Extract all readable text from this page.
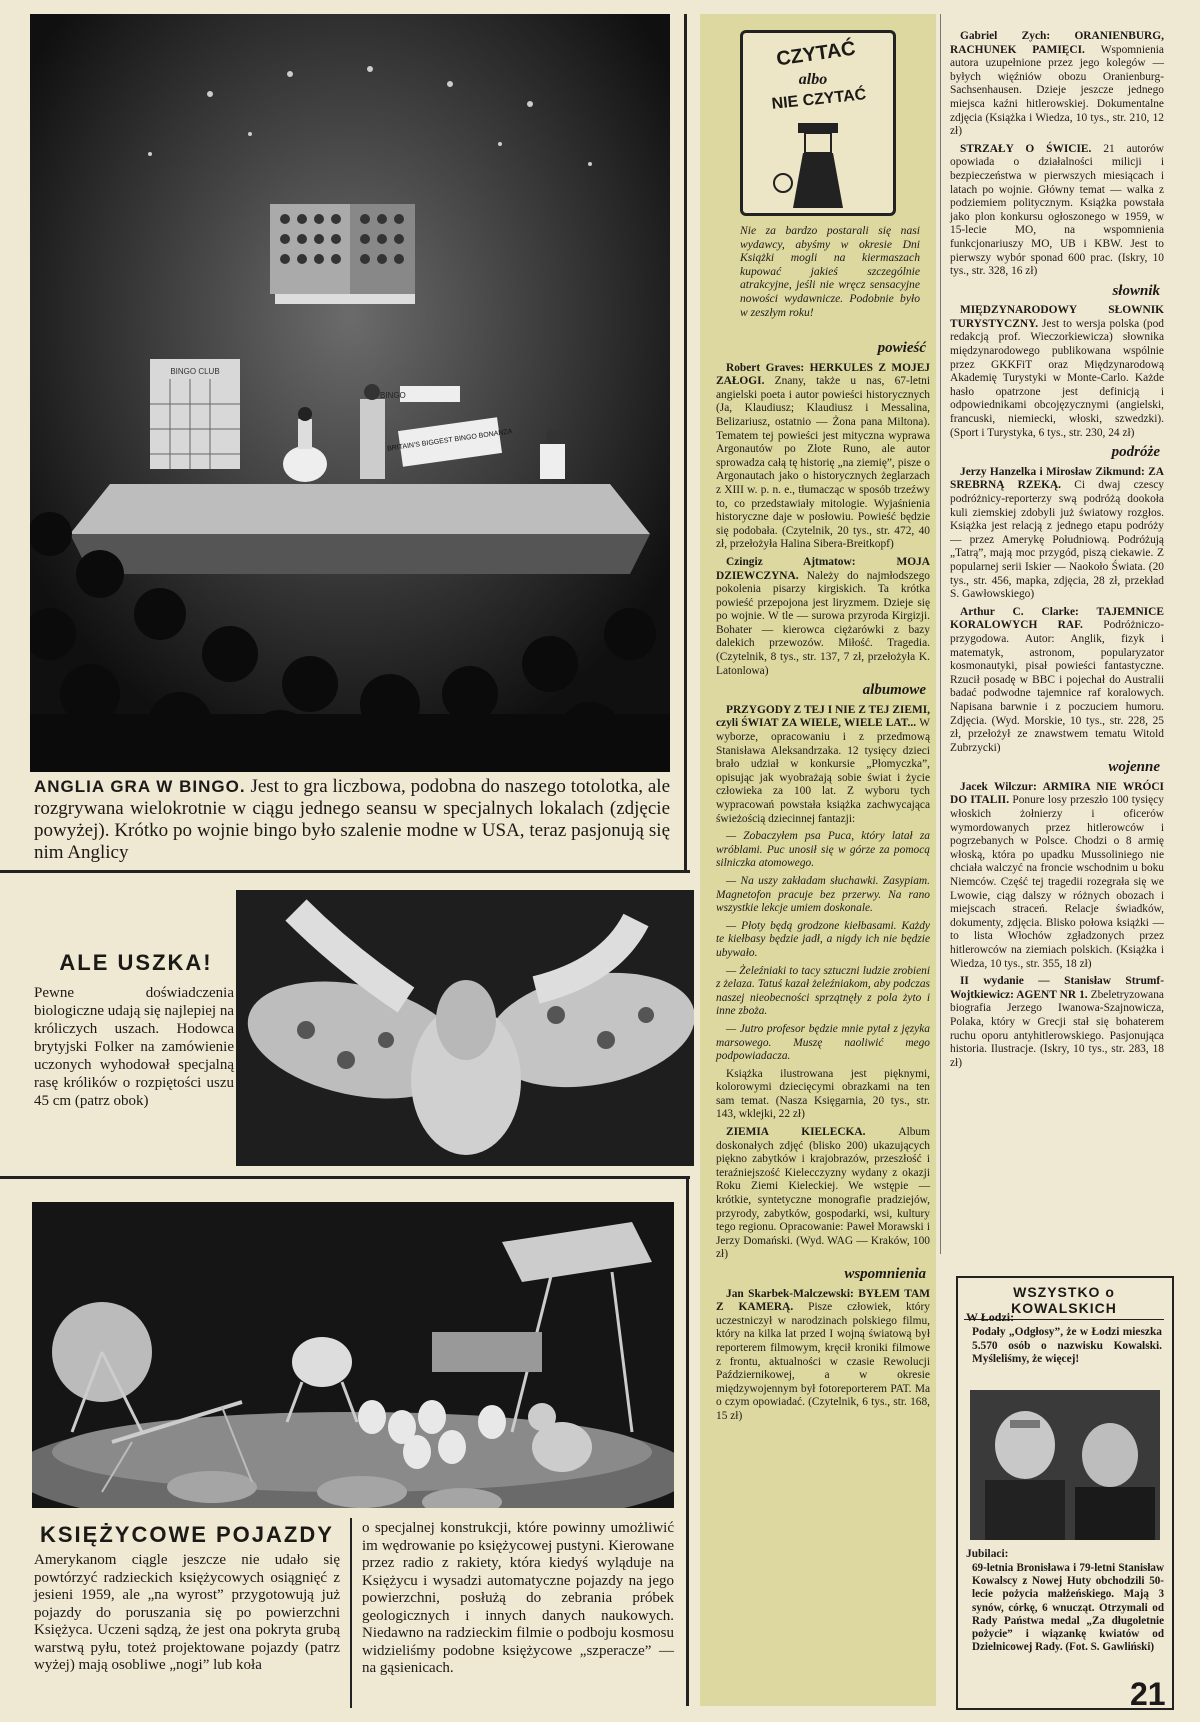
BINGO CLUB
BINGO
BRITAIN'S BIGGEST BINGO BONANZA
ANGLIA GRA W BINGO. Jest to gra liczbowa, podobna do naszego totolotka, ale rozgrywana wielokrotnie w ciągu jednego seansu w specjalnych lokalach (zdjęcie powyżej). Krótko po wojnie bingo było szalenie modne w USA, teraz pasjonują się nim Anglicy
ALE USZKA!
Pewne doświadczenia biologiczne udają się najlepiej na króliczych uszach. Hodowca brytyjski Folker na zamówienie uczonych wyhodował specjalną rasę królików o rozpiętości uszu 45 cm (patrz obok)
KSIĘŻYCOWE POJAZDY
Amerykanom ciągle jeszcze nie udało się powtórzyć radzieckich księżycowych osiągnięć z jesieni 1959, ale „na wyrost” przygotowują już pojazdy do poruszania się po powierzchni Księżyca. Uczeni sądzą, że jest ona pokryta grubą warstwą pyłu, toteż projektowane pojazdy (patrz wyżej) mają osobliwe „nogi” lub koła
o specjalnej konstrukcji, które powinny umożliwić im wędrowanie po księżycowej pustyni. Kierowane przez radio z rakiety, która kiedyś wyląduje na Księżycu i wysadzi automatyczne pojazdy na jego powierzchni, posłużą do zebrania próbek geologicznych i innych danych naukowych. Niedawno na radzieckim filmie o podboju kosmosu widzieliśmy podobne księżycowe „szperacze” — na gąsienicach.
CZYTAĆ
albo
NIE CZYTAĆ
Nie za bardzo postarali się nasi wydawcy, abyśmy w okresie Dni Książki mogli na kiermaszach kupować jakieś szczególnie atrakcyjne, jeśli nie wręcz sensacyjne nowości wydawnicze. Podobnie było w zeszłym roku!
powieść

Robert Graves: HERKULES Z MOJEJ ZAŁOGI. Znany, także u nas, 67-letni angielski poeta i autor powieści historycznych (Ja, Klaudiusz; Klaudiusz i Messalina, Belizariusz, ostatnio — Żona pana Miltona). Tematem tej powieści jest mityczna wyprawa Argonautów po Złote Runo, ale autor sprowadza całą tę historię „na ziemię”, pisze o Argonautach jako o historycznych żeglarzach z XIII w. p. n. e., tłumacząc w sposób trzeźwy to, co przedstawiały mitologie. Wyjaśnienia historyczne daje w posłowiu. Powieść będzie się podobała. (Czytelnik, 20 tys., str. 472, 40 zł, przełożyła Halina Sibera-Breitkopf)

Czingiz Ajtmatow: MOJA DZIEWCZYNA. Należy do najmłodszego pokolenia pisarzy kirgiskich. Ta krótka powieść przepojona jest liryzmem. Dzieje się po wojnie. W tle — surowa przyroda Kirgizji. Bohater — kierowca ciężarówki z bazy dalekich przewozów. Miłość. Tragedia. (Czytelnik, 8 tys., str. 137, 7 zł, przełożyła K. Latonlowa)

albumowe

PRZYGODY Z TEJ I NIE Z TEJ ZIEMI, czyli ŚWIAT ZA WIELE, WIELE LAT... W wyborze, opracowaniu i z przedmową Stanisława Aleksandrzaka. 12 tysięcy dzieci brało udział w konkursie „Płomyczka”, opisując jak wyobrażają sobie świat i życie człowieka za 100 lat. Z wyboru tych wypracowań powstała książka zachwycająca świeżością dziecinnej fantazji:

— Zobaczyłem psa Puca, który latał za wróblami. Puc unosił się w górze za pomocą silniczka atomowego.

— Na uszy zakładam słuchawki. Zasypiam. Magnetofon pracuje bez przerwy. Na rano wszystkie lekcje umiem doskonale.

— Płoty będą grodzone kiełbasami. Każdy te kiełbasy będzie jadł, a nigdy ich nie będzie ubywało.

— Żeleźniaki to tacy sztuczni ludzie zrobieni z żelaza. Tatuś kazał żeleźniakom, aby podczas naszej nieobecności sprzątnęły z pola żyto i inne zboża.

— Jutro profesor będzie mnie pytał z języka marsowego. Muszę naoliwić mego podpowiadacza.

Książka ilustrowana jest pięknymi, kolorowymi dziecięcymi obrazkami na ten sam temat. (Nasza Księgarnia, 20 tys., str. 143, wklejki, 22 zł)

ZIEMIA KIELECKA. Album doskonałych zdjęć (blisko 200) ukazujących piękno zabytków i krajobrazów, przeszłość i teraźniejszość Kielecczyzny wydany z okazji Roku Ziemi Kieleckiej. We wstępie — krótkie, syntetyczne monografie pradziejów, przyrody, zabytków, gospodarki, wsi, kultury tego regionu. Opracowanie: Paweł Morawski i Jerzy Domański. (Wyd. WAG — Kraków, 100 zł)

wspomnienia

Jan Skarbek-Malczewski: BYŁEM TAM Z KAMERĄ. Pisze człowiek, który uczestniczył w narodzinach polskiego filmu, który na kilka lat przed I wojną światową był reporterem filmowym, kręcił kroniki filmowe z frontu, aktualności w czasie Rewolucji Październikowej, a w okresie międzywojennym był fotoreporterem PAT. Ma o czym opowiadać. (Czytelnik, 6 tys., str. 168, 15 zł)

Gabriel Zych: ORANIENBURG, RACHUNEK PAMIĘCI. Wspomnienia autora uzupełnione przez jego kolegów — byłych więźniów obozu Oranienburg-Sachsenhausen. Dzieje jeszcze jednego miejsca kaźni hitlerowskiej. Dokumentalne zdjęcia (Książka i Wiedza, 10 tys., str. 210, 12 zł)

STRZAŁY O ŚWICIE. 21 autorów opowiada o działalności milicji i bezpieczeństwa w pierwszych miesiącach i latach po wojnie. Główny temat — walka z podziemiem politycznym. Książka powstała jako plon konkursu ogłoszonego w 1959, w 15-lecie MO, na wspomnienia funkcjonariuszy MO, UB i KBW. Jest to pierwszy wybór sponad 600 prac. (Iskry, 10 tys., str. 328, 16 zł)

słownik

MIĘDZYNARODOWY SŁOWNIK TURYSTYCZNY. Jest to wersja polska (pod redakcją prof. Wieczorkiewicza) słownika międzynarodowego publikowana wspólnie przez GKKFiT oraz Międzynarodową Akademię Turystyki w Monte-Carlo. Każde hasło opatrzone jest definicją i odpowiednikami obcojęzycznymi (angielski, francuski, niemiecki, włoski, szwedzki). (Sport i Turystyka, 6 tys., str. 230, 24 zł)

podróże

Jerzy Hanzelka i Mirosław Zikmund: ZA SREBRNĄ RZEKĄ. Ci dwaj czescy podróżnicy-reporterzy swą podróżą dookoła kuli ziemskiej zdobyli już światowy rozgłos. Książka jest relacją z jednego etapu podróży — przez Amerykę Południową. Podróżują „Tatrą”, mają moc przygód, piszą ciekawie. Z popularnej serii Iskier — Naokoło Świata. (20 tys., str. 456, mapka, zdjęcia, 28 zł, przekład S. Gawłowskiego)

Arthur C. Clarke: TAJEMNICE KORALOWYCH RAF. Podróżniczo-przygodowa. Autor: Anglik, fizyk i matematyk, astronom, popularyzator kosmonautyki, pisał powieści fantastyczne. Rzucił posadę w BBC i pojechał do Australii badać podwodne tajemnice raf koralowych. Napisana barwnie i z poczuciem humoru. Zdjęcia. (Wyd. Morskie, 10 tys., str. 228, 25 zł, przełożył ze znawstwem tematu Witold Zubrzycki)

wojenne

Jacek Wilczur: ARMIRA NIE WRÓCI DO ITALII. Ponure losy przeszło 100 tysięcy włoskich żołnierzy i oficerów wymordowanych przez hitlerowców i pogrzebanych w Polsce. Chodzi o 8 armię włoską, która po upadku Mussoliniego nie chciała walczyć na froncie wschodnim u boku Niemców. Część tej tragedii rozegrała się we Lwowie, ciąg dalszy w różnych obozach i miejscach straceń. Relacje świadków, dokumenty, zdjęcia. Blisko połowa książki — to lista Włochów zgładzonych przez hitlerowców na ziemiach polskich. (Książka i Wiedza, 10 tys., str. 355, 18 zł)

II wydanie — Stanisław Strumf-Wojtkiewicz: AGENT NR 1. Zbeletryzowana biografia Jerzego Iwanowa-Szajnowicza, Polaka, który w Grecji stał się bohaterem ruchu oporu antyhitlerowskiego. Pasjonująca historia. Ilustracje. (Iskry, 10 tys., str. 283, 18 zł)

WSZYSTKO o KOWALSKICH
W Łodzi:
Podały „Odgłosy”, że w Łodzi mieszka 5.570 osób o nazwisku Kowalski. Myśleliśmy, że więcej!
Jubilaci:
69-letnia Bronisława i 79-letni Stanisław Kowalscy z Nowej Huty obchodzili 50-lecie pożycia małżeńskiego. Mają 3 synów, córkę, 6 wnucząt. Otrzymali od Rady Państwa medal „Za długoletnie pożycie” i wiązankę kwiatów od Dzielnicowej Rady. (Fot. S. Gawliński)
21
